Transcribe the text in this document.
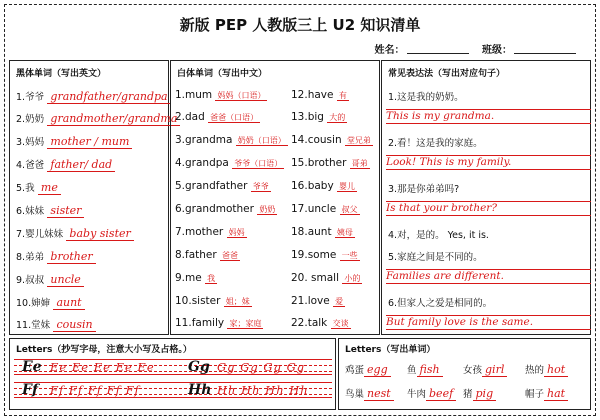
新版 PEP 人教版三上 U2 知识清单
姓名：	班级：
黑体单词（写出英文）
1.爷爷 grandfather/grandpa
2.奶奶 grandmother/grandma
3.妈妈 mother / mum
4.爸爸 father/ dad
5.我 me
6.妹妹 sister
7.婴儿妹妹 baby sister
8.弟弟 brother
9.叔叔 uncle
10.婶婶 aunt
11.堂妹 cousin
白体单词（写出中文）
1.mum 妈妈（口语）
2.dad 爸爸（口语）
3.grandma 奶奶（口语）
4.grandpa 爷爷（口语）
5.grandfather 爷爷
6.grandmother 奶奶
7.mother 妈妈
8.father 爸爸
9.me 我
10.sister 姐；妹
11.family 家；家庭
12.have 有
13.big 大的
14.cousin 堂兄弟
15.brother 哥弟
16.baby 婴儿
17.uncle 叔父
18.aunt 姨母
19.some 一些
20. small 小的
21.love 爱
22.talk 交谈
常见表达法（写出对应句子）
1.这是我的奶奶。
This is my grandma.
2.看！这是我的家庭。
Look! This is my family.
3.那是你弟弟吗?
Is that your brother?
4.对，是的。 Yes, it is.
5.家庭之间是不同的。
Families are different.
6.但家人之爱是相同的。
But family love is the same.
Letters（抄写字母，注意大小写及占格。）
Ee Ee Ee Ee Ee Ee Gg Gg Gg Gg Gg
Ff Ff Ff Ff Ff Ff	Hh Hh Hh Hh Hh
Letters（写出单词）
鸡蛋 egg	鱼 fish	女孩 girl	热的 hot
鸟巢 nest	牛肉 beef	猪 pig	帽子 hat
